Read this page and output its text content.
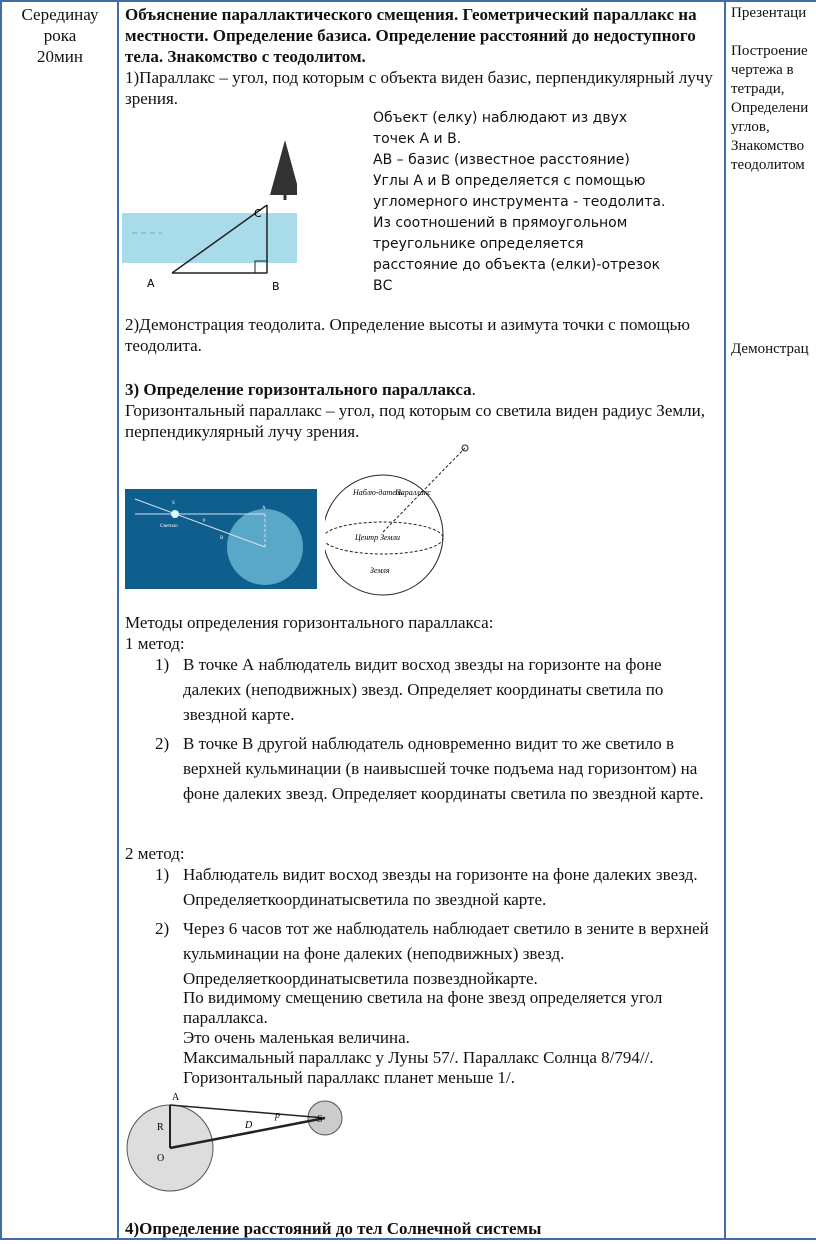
Серединау
рока
20мин
Презентаци
Построение
чертежа в
тетради,
Определени
углов,
Знакомство
теодолитом
Демонстрац
Объяснение параллактического смещения. Геометрический параллакс на местности. Определение базиса. Определение расстояний до недоступного тела. Знакомство с теодолитом.
1)Параллакс – угол, под которым с объекта виден базис, перпендикулярный лучу зрения.
A	B
C
Объект (елку) наблюдают из двух
точек А и В.
АВ – базис (известное расстояние)
Углы А и В определяется с помощью
угломерного инструмента - теодолита.
Из соотношений в прямоугольном
треугольнике определяется
расстояние до объекта (елки)-отрезок
ВС
2)Демонстрация теодолита. Определение высоты и азимута точки с помощью теодолита.
3) Определение горизонтального параллакса.
Горизонтальный параллакс – угол, под которым со светила виден радиус Земли, перпендикулярный лучу зрения.
Светило
S
A
B
p
Наблю-датель
Параллакс
Центр Земли
Земля
Методы определения горизонтального параллакса:
1 метод:
1) В точке А наблюдатель видит восход звезды на горизонте на фоне далеких (неподвижных) звезд. Определяет координаты светила по звездной карте.
2) В точке В другой наблюдатель одновременно видит то же светило в верхней кульминации (в наивысшей точке подъема над горизонтом) на фоне далеких звезд. Определяет координаты светила по звездной карте.
2 метод:
1) Наблюдатель видит восход звезды на горизонте на фоне далеких звезд. Определяеткоординатысветила по звездной карте.
2) Через 6 часов тот же наблюдатель наблюдает светило в зените в верхней кульминации на фоне далеких (неподвижных) звезд. Определяеткоординатысветила позвезднойкарте.
По видимому смещению светила на фоне звезд определяется угол параллакса.
Это очень маленькая величина.
Максимальный параллакс у Луны 57/. Параллакс Солнца 8/794//.
Горизонтальный параллакс планет меньше 1/.
A
R
O
D
p	S
4)Определение расстояний до тел Солнечной системы
